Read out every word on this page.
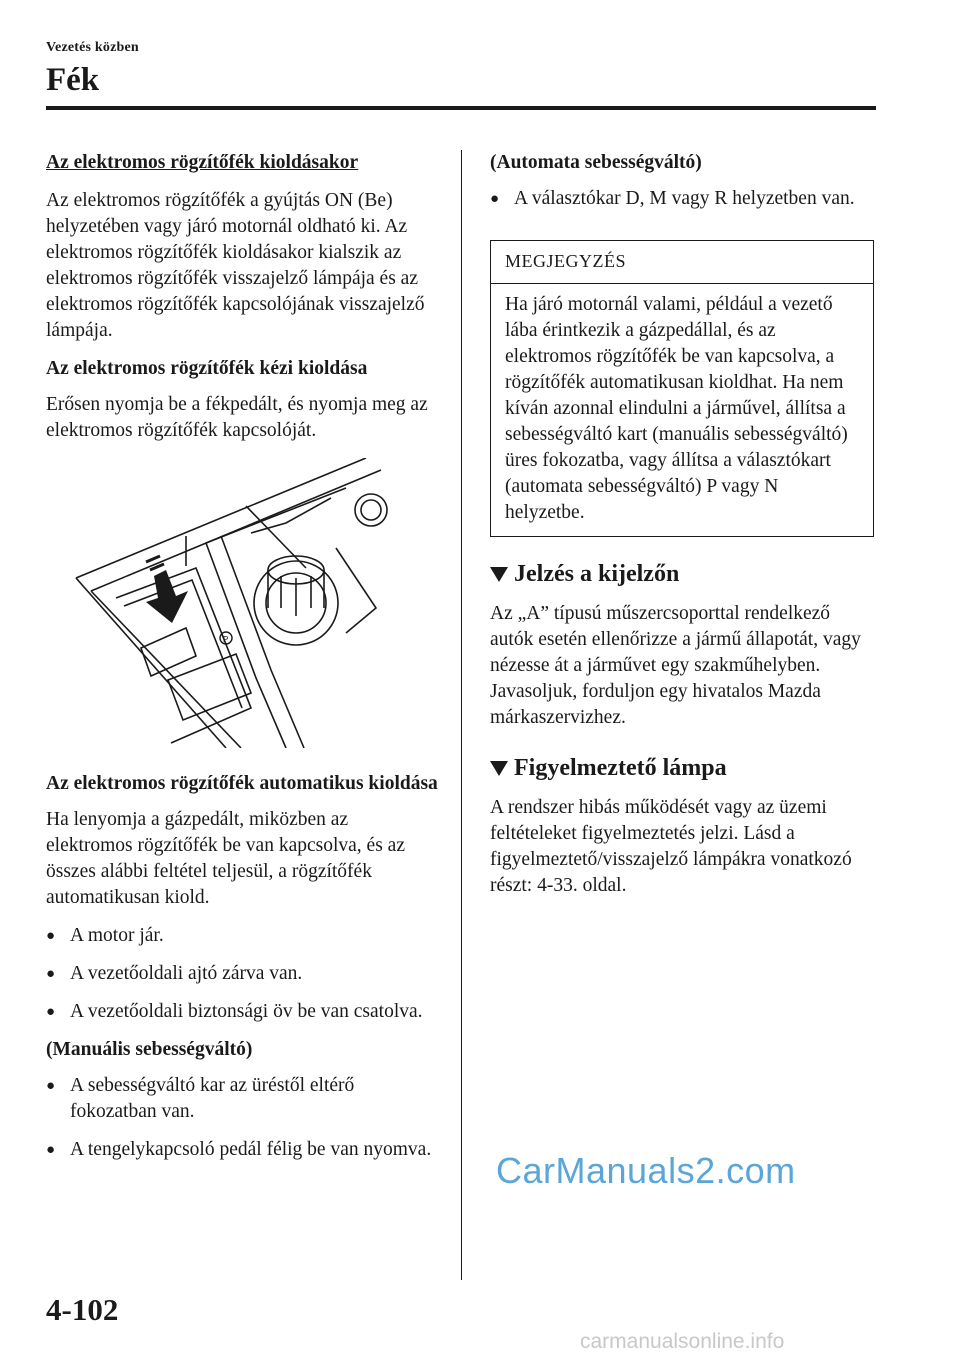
Vezetés közben
Fék
Az elektromos rögzítőfék kioldásakor

Az elektromos rögzítőfék a gyújtás ON (Be) helyzetében vagy járó motornál oldható ki. Az elektromos rögzítőfék kioldásakor kialszik az elektromos rögzítőfék visszajelző lámpája és az elektromos rögzítőfék kapcsolójának visszajelző lámpája.

Az elektromos rögzítőfék kézi kioldása

Erősen nyomja be a fékpedált, és nyomja meg az elektromos rögzítőfék kapcsolóját.

P
Az elektromos rögzítőfék automatikus kioldása

Ha lenyomja a gázpedált, miközben az elektromos rögzítőfék be van kapcsolva, és az összes alábbi feltétel teljesül, a rögzítőfék automatikusan kiold.

● A motor jár.
● A vezetőoldali ajtó zárva van.
● A vezetőoldali biztonsági öv be van csatolva.
(Manuális sebességváltó)
● A sebességváltó kar az üréstől eltérő fokozatban van.
● A tengelykapcsoló pedál félig be van nyomva.
(Automata sebességváltó)
● A választókar D, M vagy R helyzetben van.
MEGJEGYZÉS
Ha járó motornál valami, például a vezető lába érintkezik a gázpedállal, és az elektromos rögzítőfék be van kapcsolva, a rögzítőfék automatikusan kioldhat. Ha nem kíván azonnal elindulni a járművel, állítsa a sebességváltó kart (manuális sebességváltó) üres fokozatba, vagy állítsa a választókart (automata sebességváltó) P vagy N helyzetbe.
Jelzés a kijelzőn

Az „A” típusú műszercsoporttal rendelkező autók esetén ellenőrizze a jármű állapotát, vagy nézesse át a járművet egy szakműhelyben. Javasoljuk, forduljon egy hivatalos Mazda márkaszervizhez.

Figyelmeztető lámpa

A rendszer hibás működését vagy az üzemi feltételeket figyelmeztetés jelzi. Lásd a figyelmeztető/visszajelző lámpákra vonatkozó részt: 4-33. oldal.

4-102
CarManuals2.com
carmanualsonline.info
